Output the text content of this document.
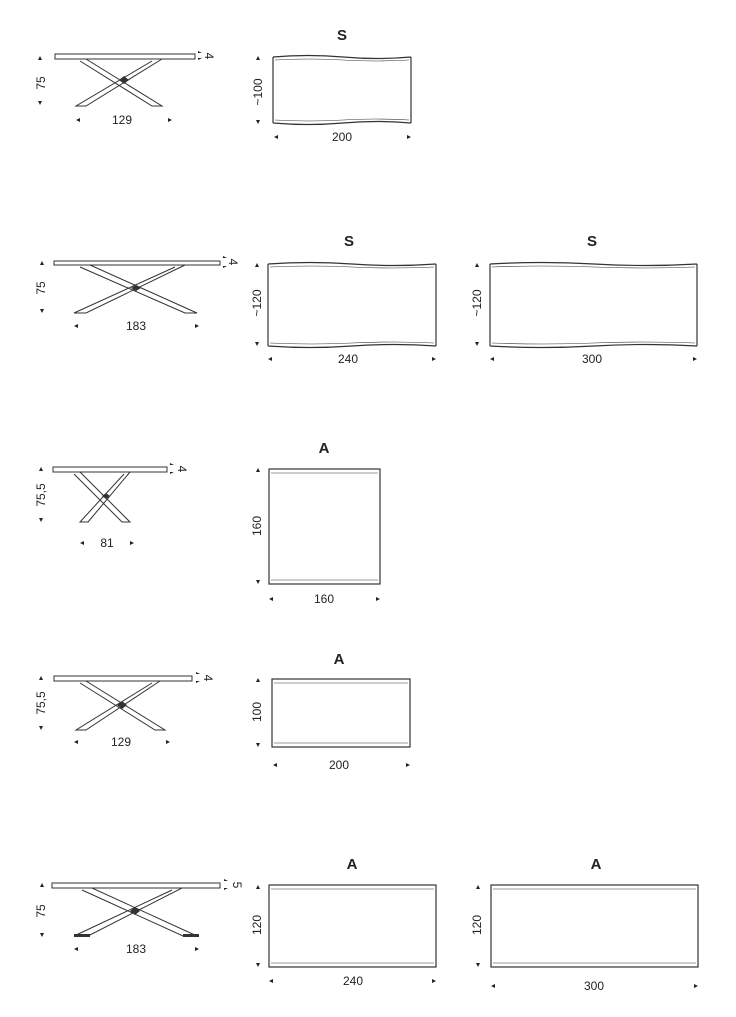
75
129
4
S
~100
200
75
183
4
S
~120
240
S
~120
300
75,5
81
4
A
160
160
75,5
129
4
A
100
200
75
183
5
A
120
240
A
120
300
